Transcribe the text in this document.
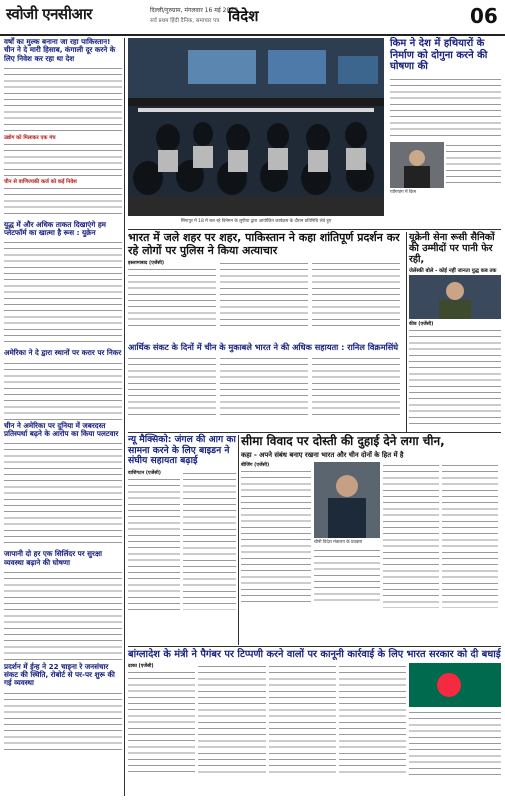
स्वोजी एनसीआर	दिल्ली/गुरुग्राम, मंगलवार 16 मई 2023
सर्व प्रथम हिंदी दैनिक, समाचार पत्र विदेश	06
वर्षों का मुल्क बनाना जा रहा पाकिस्तान! चीन ने दे मारी हिसाब, कंगाली दूर करने के लिए निवेश कर रहा था देश
उद्योग को मिलाकर एक मंच
चीन से वाणिज्यकी कर्ज को कई निवेश
युद्ध में और अधिक ताकत दिखाएंगे हम प्लेटफॉर्म का खात्मा है रूस : युक्रेन
अमेरिका ने दे द्वारा स्थानों पर करार पर निकर
चीन ने अमेरिका पर दुनिया में जबरदस्त प्रतिस्पर्धा बढ़ने के आरोप का किया पलटवार
जापानी दो हर एक सिलिंदर पर सुरक्षा व्यवस्था बढ़ाने की घोषणा
प्रदर्शन में ईन्ह ने 22 चाइना रे जनसंचार संकट की स्थिति, रोबोर्ट से पर-पर शुरू की गई व्यवस्था
सिंगापुर में 18 में चल रहे विनेमन के लुपीया द्वारा आयोजित कार्यक्रम के दौरान प्रतिनिधि लेते हुए
किम ने देश में हथियारों के निर्माण को दोगुना करने की घोषणा की
प्योंगयांग में किम
भारत में जले शहर पर शहर, पाकिस्तान ने कहा शांतिपूर्ण प्रदर्शन कर रहे लोगों पर पुलिस ने किया अत्याचार
इस्लामाबाद (एजेंसी)
आर्थिक संकट के दिनों में चीन के मुकाबले भारत ने की अधिक सहायता : रानिल विक्रमसिंघे
यूक्रेनी सेना रूसी सैनिकों की उम्मीदों पर पानी फेर रही,
जेलेंस्की बोले - कोई नहीं जानता युद्ध कब तक
कीव (एजेंसी)
न्यू मैक्सिको: जंगल की आग का सामना करने के लिए बाइडन ने संघीय सहायता बढ़ाई
वाशिंगटन (एजेंसी)
सीमा विवाद पर दोस्ती की दुहाई देने लगा चीन,
कहा - अपने संबंध बनाए रखना भारत और चीन दोनों के हित में है
बीजिंग (एजेंसी)
चीनी विदेश मंत्रालय के प्रवक्ता
बांग्लादेश के मंत्री ने पैगंबर पर टिप्पणी करने वालों पर कानूनी कार्रवाई के लिए भारत सरकार को दी बधाई
ढाका (एजेंसी)
